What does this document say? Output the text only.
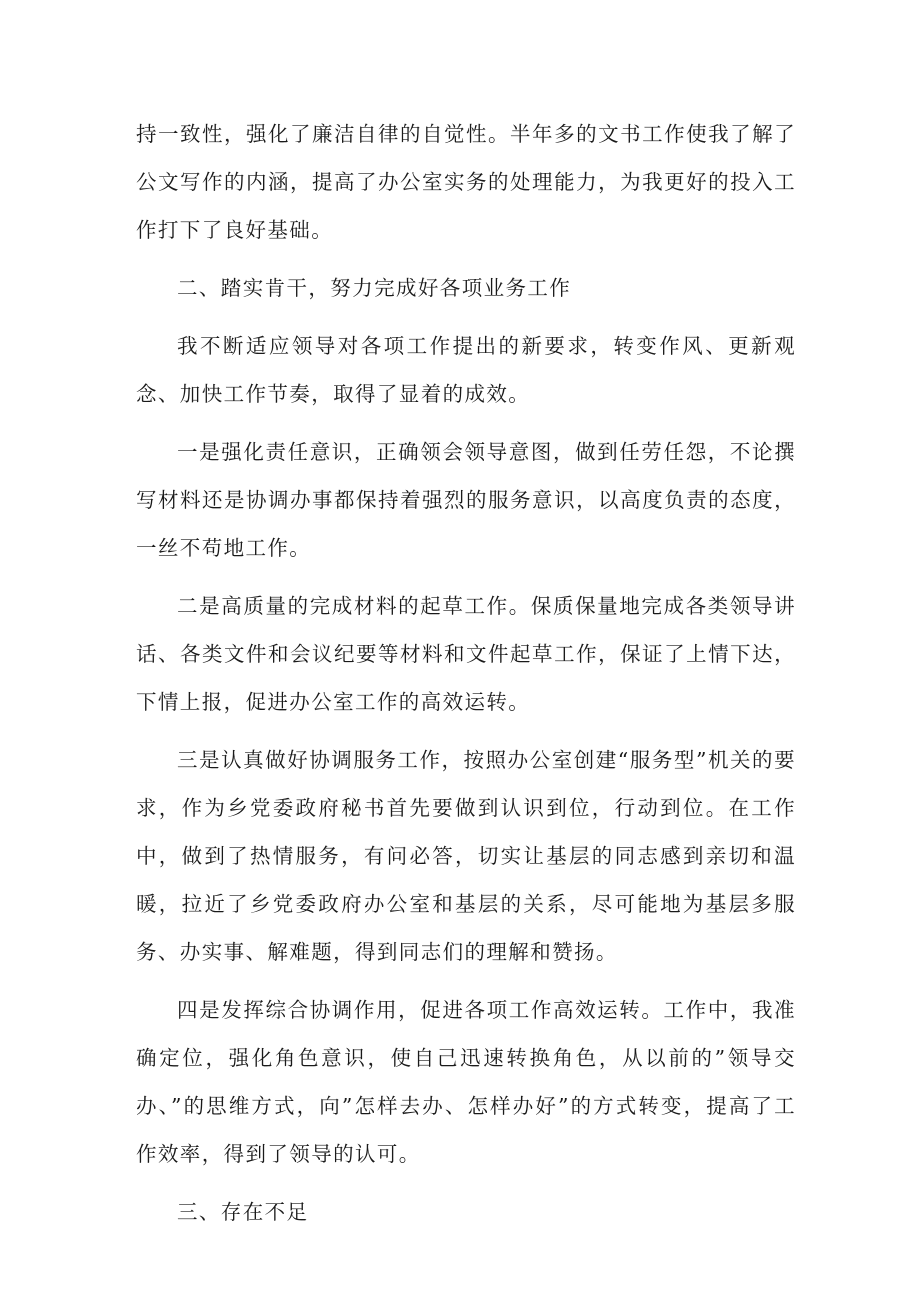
持一致性，强化了廉洁自律的自觉性。半年多的文书工作使我了解了公文写作的内涵，提高了办公室实务的处理能力，为我更好的投入工作打下了良好基础。

二、踏实肯干，努力完成好各项业务工作

我不断适应领导对各项工作提出的新要求，转变作风、更新观念、加快工作节奏，取得了显着的成效。

一是强化责任意识，正确领会领导意图，做到任劳任怨，不论撰写材料还是协调办事都保持着强烈的服务意识，以高度负责的态度，一丝不苟地工作。

二是高质量的完成材料的起草工作。保质保量地完成各类领导讲话、各类文件和会议纪要等材料和文件起草工作，保证了上情下达，下情上报，促进办公室工作的高效运转。

三是认真做好协调服务工作，按照办公室创建“服务型”机关的要求，作为乡党委政府秘书首先要做到认识到位，行动到位。在工作中，做到了热情服务，有问必答，切实让基层的同志感到亲切和温暖，拉近了乡党委政府办公室和基层的关系，尽可能地为基层多服务、办实事、解难题，得到同志们的理解和赞扬。

四是发挥综合协调作用，促进各项工作高效运转。工作中，我准确定位，强化角色意识，使自己迅速转换角色，从以前的”领导交办、”的思维方式，向”怎样去办、怎样办好”的方式转变，提高了工作效率，得到了领导的认可。

三、存在不足
